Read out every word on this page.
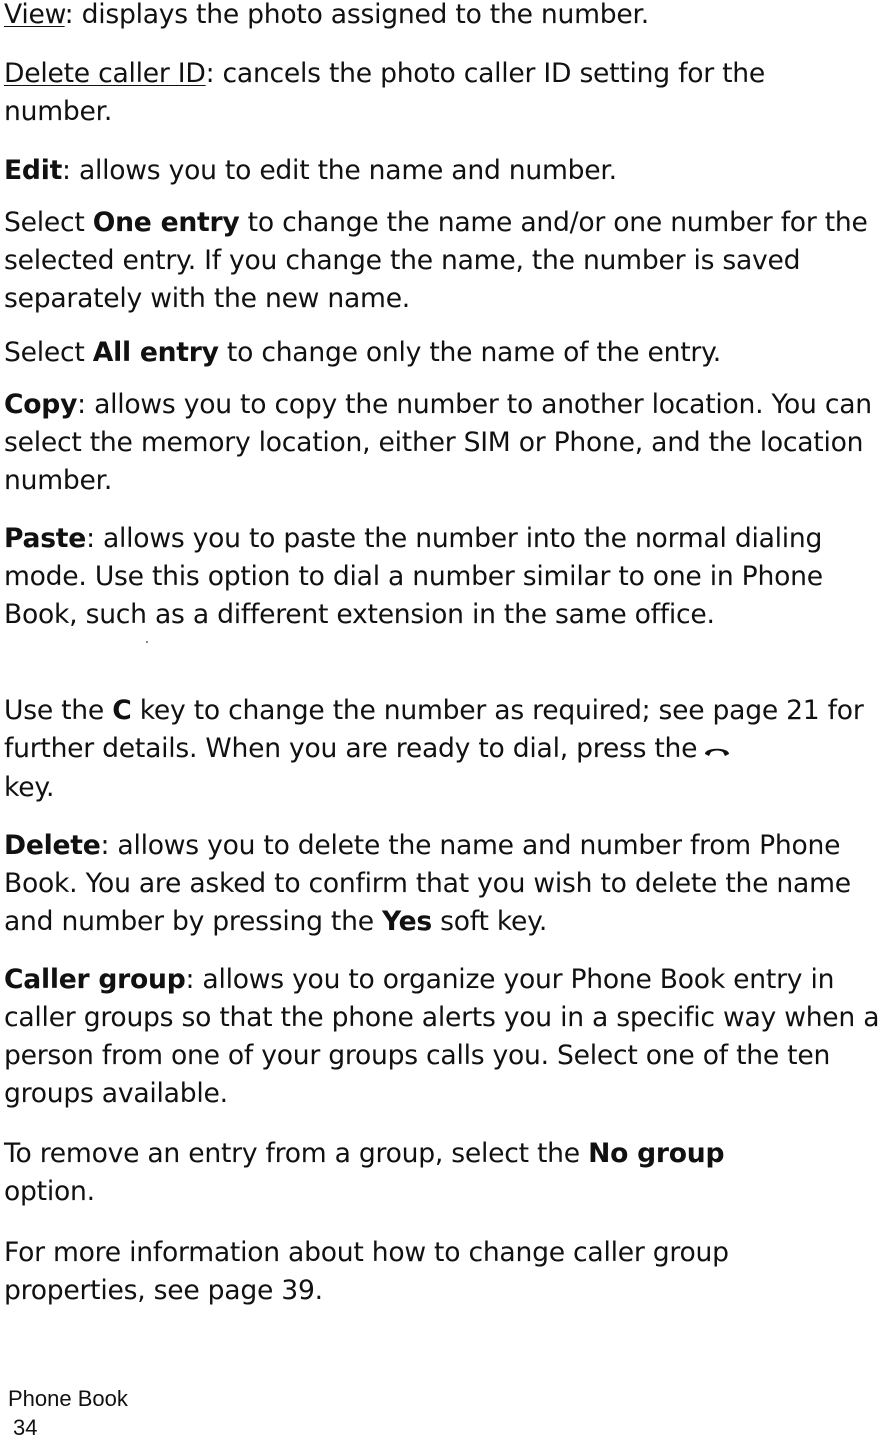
View: displays the photo assigned to the number.

Delete caller ID: cancels the photo caller ID setting for the number.

Edit: allows you to edit the name and number.

Select One entry to change the name and/or one number for the selected entry. If you change the name, the number is saved separately with the new name.

Select All entry to change only the name of the entry.

Copy: allows you to copy the number to another location. You can select the memory location, either SIM or Phone, and the location number.

Paste: allows you to paste the number into the normal dialing mode. Use this option to dial a number similar to one in Phone Book, such as a different extension in the same office.

Use the C key to change the number as required; see page 21 for further details. When you are ready to dial, press the
key.

Delete: allows you to delete the name and number from Phone Book. You are asked to confirm that you wish to delete the name and number by pressing the Yes soft key.

Caller group: allows you to organize your Phone Book entry in caller groups so that the phone alerts you in a specific way when a person from one of your groups calls you. Select one of the ten groups available.

To remove an entry from a group, select the No group option.

For more information about how to change caller group properties, see page 39.

Phone Book
34
